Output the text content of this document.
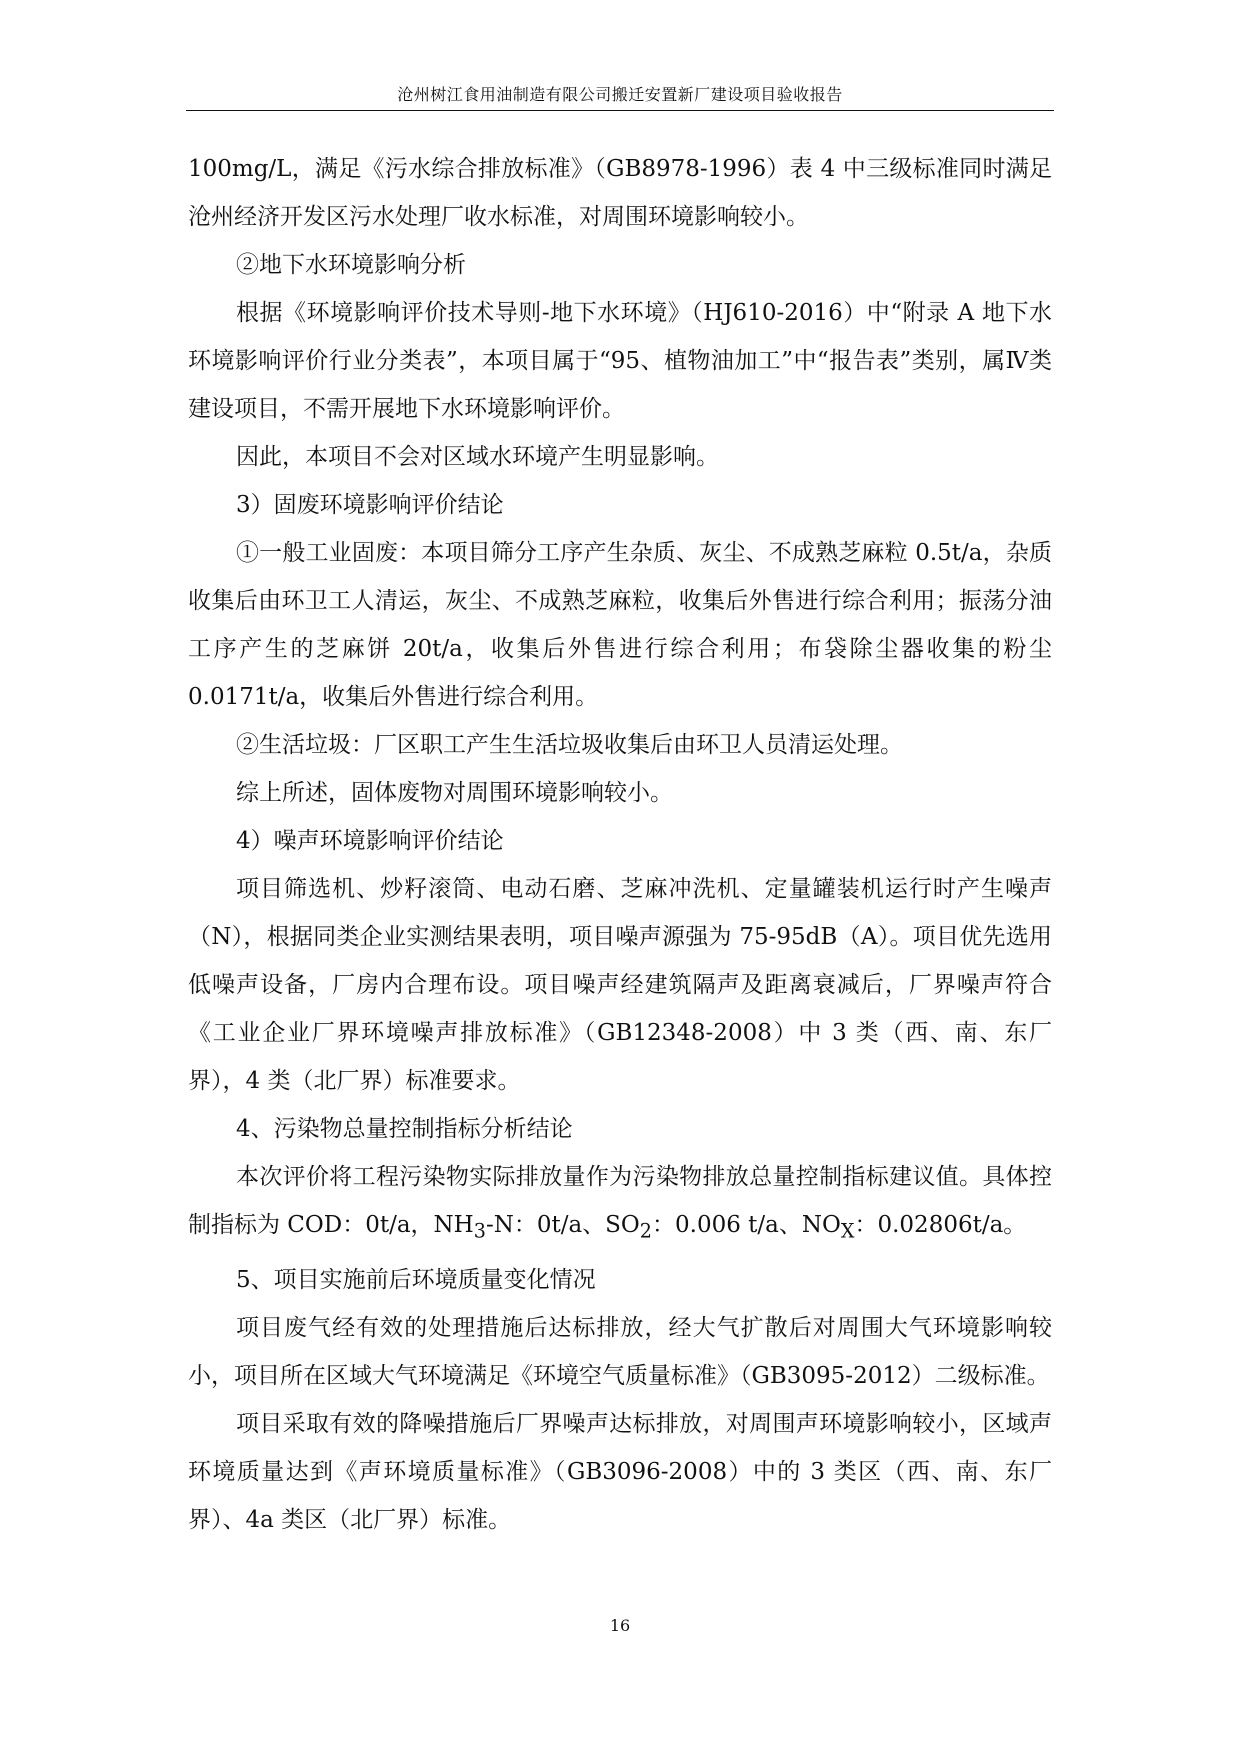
沧州树江食用油制造有限公司搬迁安置新厂建设项目验收报告

100mg/L，满足《污水综合排放标准》（GB8978-1996）表 4 中三级标准同时满足沧州经济开发区污水处理厂收水标准，对周围环境影响较小。

②地下水环境影响分析

根据《环境影响评价技术导则-地下水环境》（HJ610-2016）中“附录 A 地下水环境影响评价行业分类表”，本项目属于“95、植物油加工”中“报告表”类别，属Ⅳ类建设项目，不需开展地下水环境影响评价。

因此，本项目不会对区域水环境产生明显影响。

3）固废环境影响评价结论

①一般工业固废：本项目筛分工序产生杂质、灰尘、不成熟芝麻粒 0.5t/a，杂质收集后由环卫工人清运，灰尘、不成熟芝麻粒，收集后外售进行综合利用；振荡分油工序产生的芝麻饼 20t/a，收集后外售进行综合利用；布袋除尘器收集的粉尘 0.0171t/a，收集后外售进行综合利用。

②生活垃圾：厂区职工产生生活垃圾收集后由环卫人员清运处理。

综上所述，固体废物对周围环境影响较小。

4）噪声环境影响评价结论

项目筛选机、炒籽滚筒、电动石磨、芝麻冲洗机、定量罐装机运行时产生噪声（N），根据同类企业实测结果表明，项目噪声源强为 75-95dB（A）。项目优先选用低噪声设备，厂房内合理布设。项目噪声经建筑隔声及距离衰减后，厂界噪声符合《工业企业厂界环境噪声排放标准》（GB12348-2008）中 3 类（西、南、东厂界），4 类（北厂界）标准要求。

4、污染物总量控制指标分析结论

本次评价将工程污染物实际排放量作为污染物排放总量控制指标建议值。具体控制指标为 COD：0t/a，$NH_3-N$：0t/a、$SO_2$：0.006 t/a、$NO_X$：0.02806t/a。

5、项目实施前后环境质量变化情况

项目废气经有效的处理措施后达标排放，经大气扩散后对周围大气环境影响较小，项目所在区域大气环境满足《环境空气质量标准》（GB3095-2012）二级标准。

项目采取有效的降噪措施后厂界噪声达标排放，对周围声环境影响较小，区域声环境质量达到《声环境质量标准》（GB3096-2008）中的 3 类区（西、南、东厂界）、4a 类区（北厂界）标准。

16
